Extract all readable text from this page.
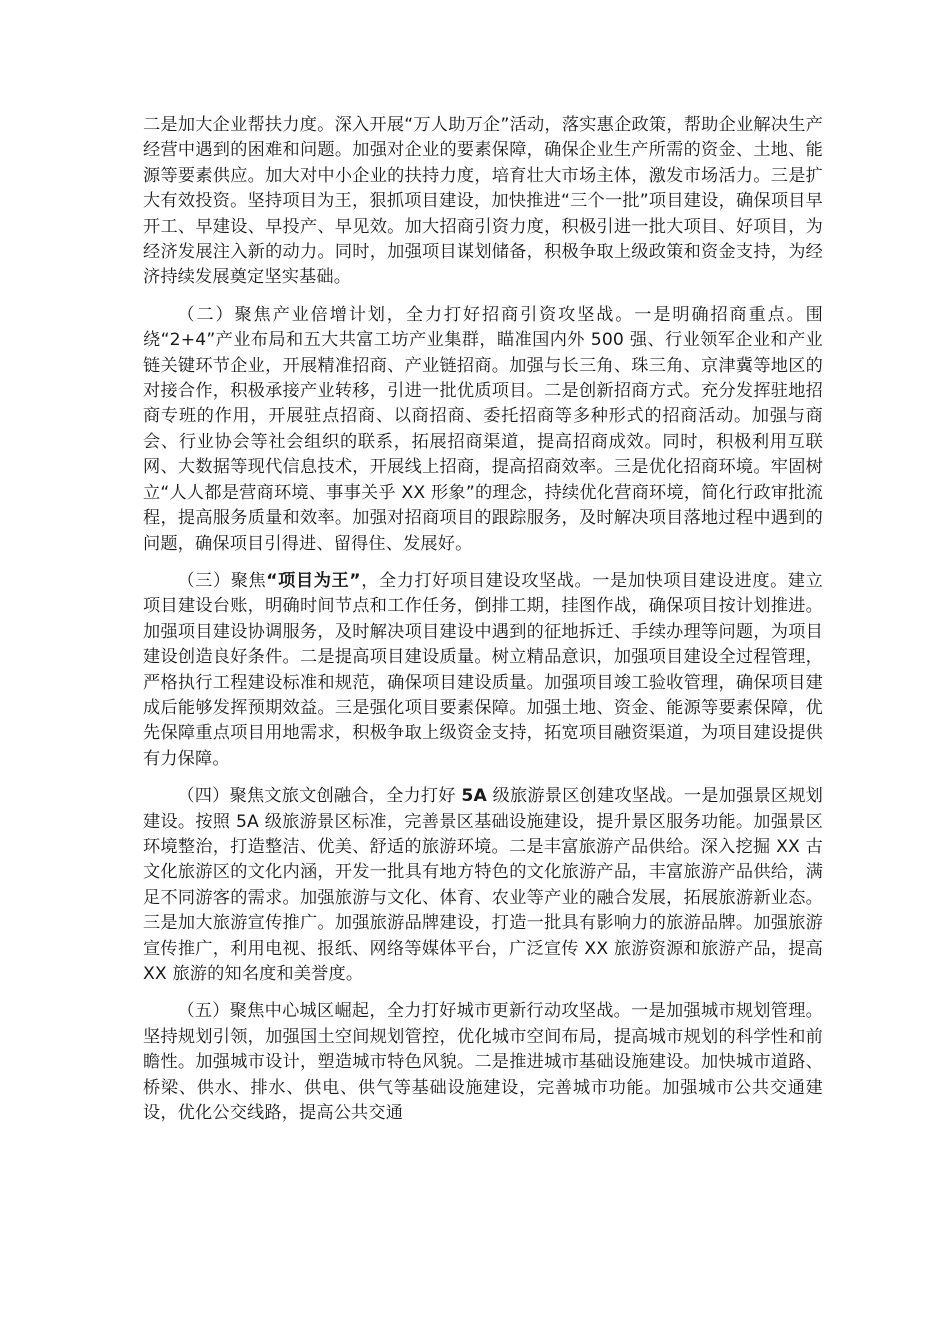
二是加大企业帮扶力度。深入开展“万人助万企”活动，落实惠企政策，帮助企业解决生产经营中遇到的困难和问题。加强对企业的要素保障，确保企业生产所需的资金、土地、能源等要素供应。加大对中小企业的扶持力度，培育壮大市场主体，激发市场活力。三是扩大有效投资。坚持项目为王，狠抓项目建设，加快推进“三个一批”项目建设，确保项目早开工、早建设、早投产、早见效。加大招商引资力度，积极引进一批大项目、好项目，为经济发展注入新的动力。同时，加强项目谋划储备，积极争取上级政策和资金支持，为经济持续发展奠定坚实基础。

（二）聚焦产业倍增计划，全力打好招商引资攻坚战。一是明确招商重点。围绕“2+4”产业布局和五大共富工坊产业集群，瞄准国内外 500 强、行业领军企业和产业链关键环节企业，开展精准招商、产业链招商。加强与长三角、珠三角、京津冀等地区的对接合作，积极承接产业转移，引进一批优质项目。二是创新招商方式。充分发挥驻地招商专班的作用，开展驻点招商、以商招商、委托招商等多种形式的招商活动。加强与商会、行业协会等社会组织的联系，拓展招商渠道，提高招商成效。同时，积极利用互联网、大数据等现代信息技术，开展线上招商，提高招商效率。三是优化招商环境。牢固树立“人人都是营商环境、事事关乎 XX 形象”的理念，持续优化营商环境，简化行政审批流程，提高服务质量和效率。加强对招商项目的跟踪服务，及时解决项目落地过程中遇到的问题，确保项目引得进、留得住、发展好。

（三）聚焦“项目为王”，全力打好项目建设攻坚战。一是加快项目建设进度。建立项目建设台账，明确时间节点和工作任务，倒排工期，挂图作战，确保项目按计划推进。加强项目建设协调服务，及时解决项目建设中遇到的征地拆迁、手续办理等问题，为项目建设创造良好条件。二是提高项目建设质量。树立精品意识，加强项目建设全过程管理，严格执行工程建设标准和规范，确保项目建设质量。加强项目竣工验收管理，确保项目建成后能够发挥预期效益。三是强化项目要素保障。加强土地、资金、能源等要素保障，优先保障重点项目用地需求，积极争取上级资金支持，拓宽项目融资渠道，为项目建设提供有力保障。

（四）聚焦文旅文创融合，全力打好 5A 级旅游景区创建攻坚战。一是加强景区规划建设。按照 5A 级旅游景区标准，完善景区基础设施建设，提升景区服务功能。加强景区环境整治，打造整洁、优美、舒适的旅游环境。二是丰富旅游产品供给。深入挖掘 XX 古文化旅游区的文化内涵，开发一批具有地方特色的文化旅游产品，丰富旅游产品供给，满足不同游客的需求。加强旅游与文化、体育、农业等产业的融合发展，拓展旅游新业态。三是加大旅游宣传推广。加强旅游品牌建设，打造一批具有影响力的旅游品牌。加强旅游宣传推广，利用电视、报纸、网络等媒体平台，广泛宣传 XX 旅游资源和旅游产品，提高 XX 旅游的知名度和美誉度。

（五）聚焦中心城区崛起，全力打好城市更新行动攻坚战。一是加强城市规划管理。坚持规划引领，加强国土空间规划管控，优化城市空间布局，提高城市规划的科学性和前瞻性。加强城市设计，塑造城市特色风貌。二是推进城市基础设施建设。加快城市道路、桥梁、供水、排水、供电、供气等基础设施建设，完善城市功能。加强城市公共交通建设，优化公交线路，提高公共交通
